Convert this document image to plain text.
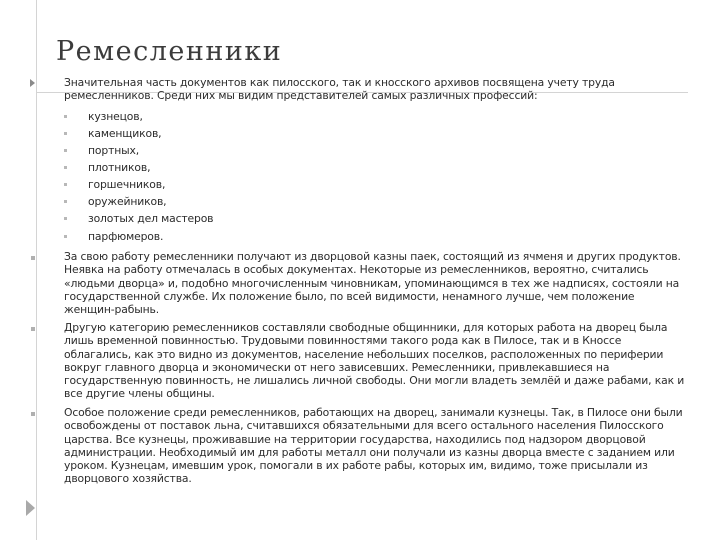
Ремесленники

Значительная часть документов как пилосского, так и кносского архивов посвящена учету труда ремесленников. Среди них мы видим представителей самых различных профессий:

кузнецов,
каменщиков,
портных,
плотников,
горшечников,
оружейников,
золотых дел мастеров
парфюмеров.

За свою работу ремесленники получают из дворцовой казны паек, состоящий из ячменя и других продуктов. Неявка на работу отмечалась в особых документах. Некоторые из ремесленников, вероятно, считались «людьми дворца» и, подобно многочисленным чиновникам, упоминающимся в тех же надписях, состояли на государственной службе. Их положение было, по всей видимости, ненамного лучше, чем положение женщин-рабынь.

Другую категорию ремесленников составляли свободные общинники, для которых работа на дворец была лишь временной повинностью. Трудовыми повинностями такого рода как в Пилосе, так и в Кноссе облагались, как это видно из документов, население небольших поселков, расположенных по периферии вокруг главного дворца и экономически от него зависевших. Ремесленники, привлекавшиеся на государственную повинность, не лишались личной свободы. Они могли владеть землёй и даже рабами, как и все другие члены общины.

Особое положение среди ремесленников, работающих на дворец, занимали кузнецы. Так, в Пилосе они были освобождены от поставок льна, считавшихся обязательными для всего остального населения Пилосского царства. Все кузнецы, проживавшие на территории государства, находились под надзором дворцовой администрации. Необходимый им для работы металл они получали из казны дворца вместе с заданием или уроком. Кузнецам, имевшим урок, помогали в их работе рабы, которых им, видимо, тоже присылали из дворцового хозяйства.
